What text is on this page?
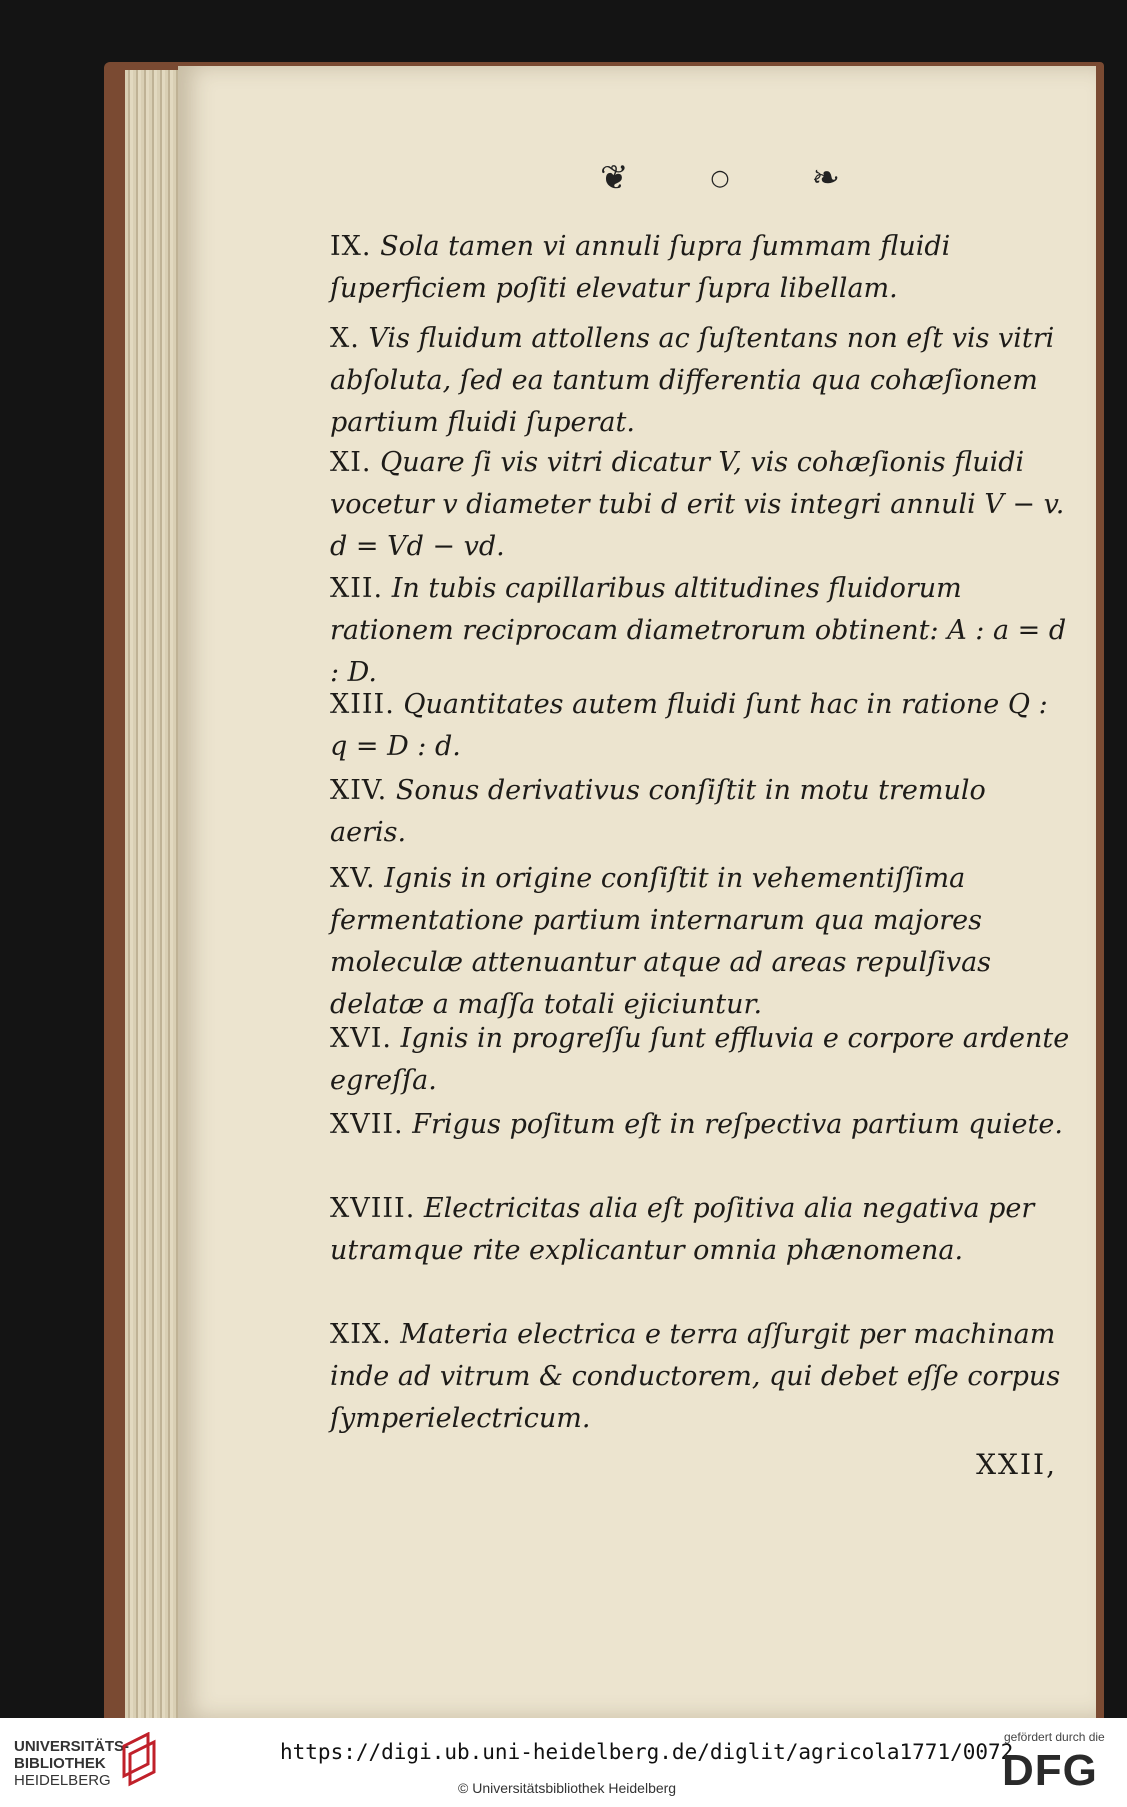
❦	○ ❧
IX. Sola tamen vi annuli ſupra ſummam fluidi ſuperficiem poſiti elevatur ſupra libellam.
X. Vis fluidum attollens ac ſuſtentans non eſt vis vitri abſoluta, ſed ea tantum differentia qua cohæſionem partium fluidi ſuperat.
XI. Quare ſi vis vitri dicatur V, vis cohæſionis fluidi vocetur v diameter tubi d erit vis integri annuli V − v. d = Vd − vd.
XII. In tubis capillaribus altitudines fluidorum rationem reciprocam diametrorum obtinent: A : a = d : D.
XIII. Quantitates autem fluidi ſunt hac in ratione Q : q = D : d.
XIV. Sonus derivativus conſiſtit in motu tremulo aeris.
XV. Ignis in origine conſiſtit in vehementiſſima fermentatione partium internarum qua majores moleculæ attenuantur atque ad areas repulſivas delatæ a maſſa totali ejiciuntur.
XVI. Ignis in progreſſu ſunt effluvia e corpore ardente egreſſa.
XVII. Frigus poſitum eſt in reſpectiva partium quiete.
XVIII. Electricitas alia eſt poſitiva alia negativa per utramque rite explicantur omnia phænomena.
XIX. Materia electrica e terra aſſurgit per machinam inde ad vitrum & conductorem, qui debet eſſe corpus ſymperielectricum.
XXII,
UNIVERSITÄTS-
BIBLIOTHEK
HEIDELBERG
https://digi.ub.uni-heidelberg.de/diglit/agricola1771/0072
© Universitätsbibliothek Heidelberg
gefördert durch die
DFG
